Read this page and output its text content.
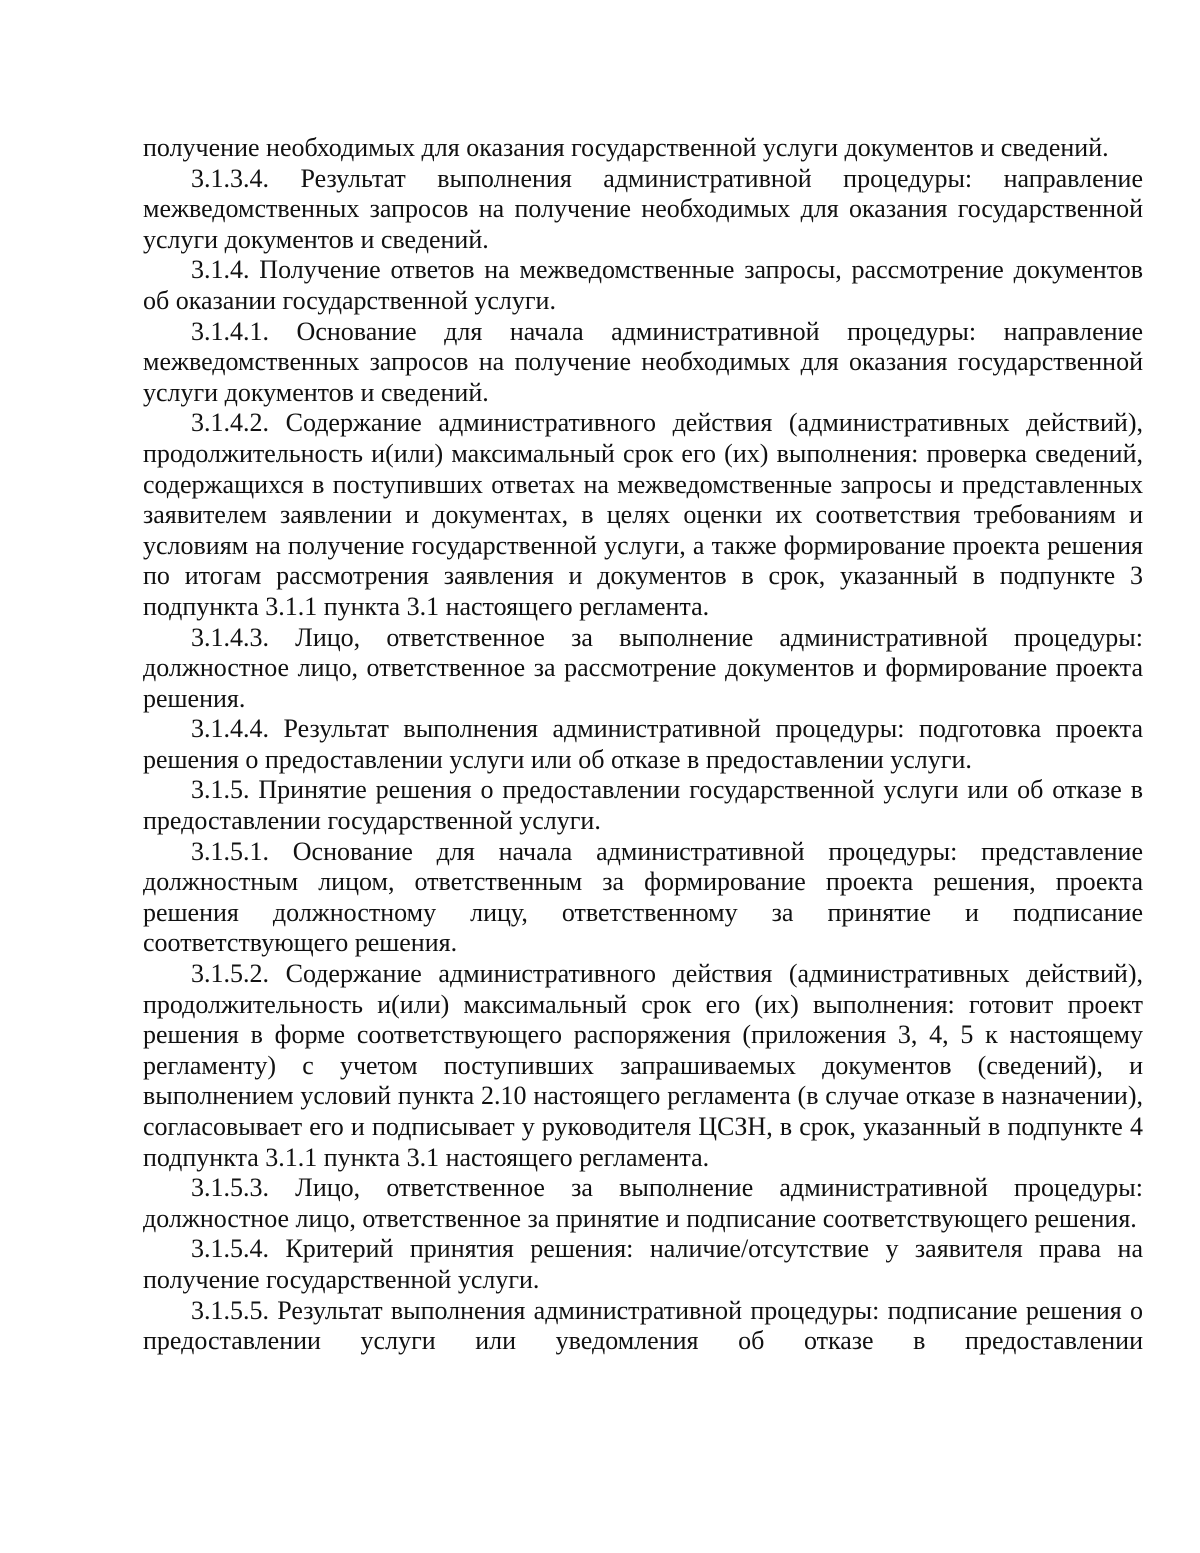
получение необходимых для оказания государственной услуги документов и сведений.

3.1.3.4. Результат выполнения административной процедуры: направление межведомственных запросов на получение необходимых для оказания государственной услуги документов и сведений.

3.1.4. Получение ответов на межведомственные запросы, рассмотрение документов об оказании государственной услуги.

3.1.4.1. Основание для начала административной процедуры: направление межведомственных запросов на получение необходимых для оказания государственной услуги документов и сведений.

3.1.4.2. Содержание административного действия (административных действий), продолжительность и(или) максимальный срок его (их) выполнения: проверка сведений, содержащихся в поступивших ответах на межведомственные запросы и представленных заявителем заявлении и документах, в целях оценки их соответствия требованиям и условиям на получение государственной услуги, а также формирование проекта решения по итогам рассмотрения заявления и документов в срок, указанный в подпункте 3 подпункта 3.1.1 пункта 3.1 настоящего регламента.

3.1.4.3. Лицо, ответственное за выполнение административной процедуры: должностное лицо, ответственное за рассмотрение документов и формирование проекта решения.

3.1.4.4. Результат выполнения административной процедуры: подготовка проекта решения о предоставлении услуги или об отказе в предоставлении услуги.

3.1.5. Принятие решения о предоставлении государственной услуги или об отказе в предоставлении государственной услуги.

3.1.5.1. Основание для начала административной процедуры: представление должностным лицом, ответственным за формирование проекта решения, проекта решения должностному лицу, ответственному за принятие и подписание соответствующего решения.

3.1.5.2. Содержание административного действия (административных действий), продолжительность и(или) максимальный срок его (их) выполнения: готовит проект решения в форме соответствующего распоряжения (приложения 3, 4, 5 к настоящему регламенту) с учетом поступивших запрашиваемых документов (сведений), и выполнением условий пункта 2.10 настоящего регламента (в случае отказе в назначении), согласовывает его и подписывает у руководителя ЦСЗН, в срок, указанный в подпункте 4 подпункта 3.1.1 пункта 3.1 настоящего регламента.

3.1.5.3. Лицо, ответственное за выполнение административной процедуры: должностное лицо, ответственное за принятие и подписание соответствующего решения.

3.1.5.4. Критерий принятия решения: наличие/отсутствие у заявителя права на получение государственной услуги.

3.1.5.5. Результат выполнения административной процедуры: подписание решения о предоставлении услуги или уведомления об отказе в предоставлении
